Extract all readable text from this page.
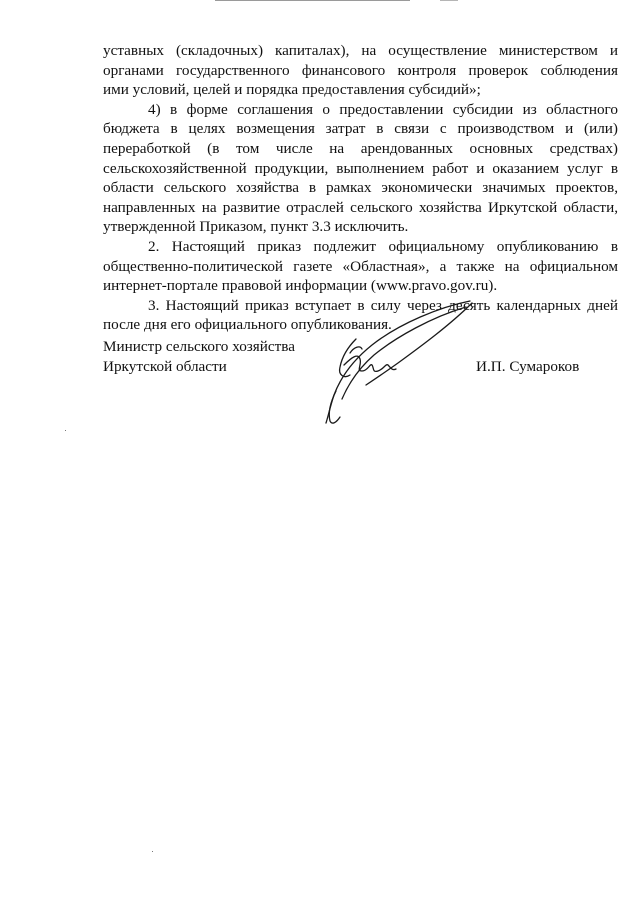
уставных (складочных) капиталах), на осуществление министерством и
органами государственного финансового контроля проверок соблюдения
ими условий, целей и порядка предоставления субсидий»;

4) в форме соглашения о предоставлении субсидии из областного
бюджета в целях возмещения затрат в связи с производством и (или)
переработкой (в том числе на арендованных основных средствах)
сельскохозяйственной продукции, выполнением работ и оказанием услуг в
области сельского хозяйства в рамках экономически значимых проектов,
направленных на развитие отраслей сельского хозяйства Иркутской области,
утвержденной Приказом, пункт 3.3 исключить.

2. Настоящий приказ подлежит официальному опубликованию в
общественно-политической газете «Областная», а также на официальном
интернет-портале правовой информации (www.pravo.gov.ru).

3. Настоящий приказ вступает в силу через десять календарных дней
после дня его официального опубликования.

Министр сельского хозяйства
Иркутской области	И.П. Сумароков
